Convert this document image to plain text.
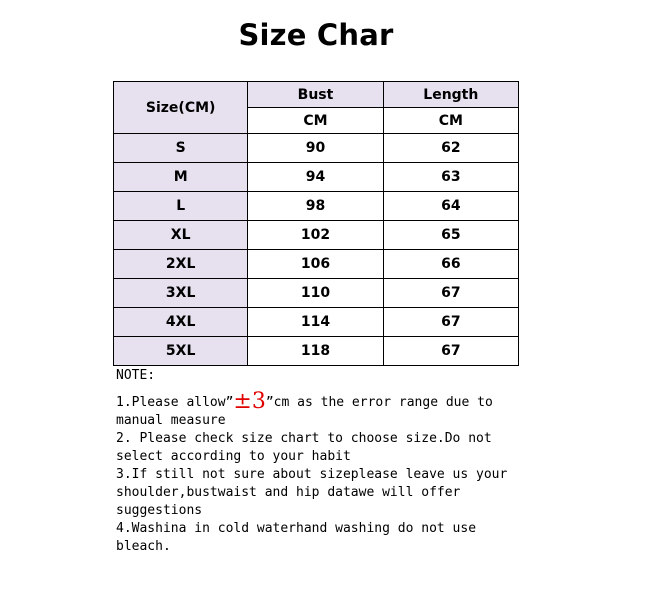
Size Char
Size(CM)	Bust	Length
	CM	CM
S	90	62
M	94	63
L	98	64
XL	102	65
2XL	106	66
3XL	110	67
4XL	114	67
5XL	118	67

NOTE:

1.Please allow”±3”cm as the error range due to manual measure

2. Please check size chart to choose size.Do not select according to your habit

3.If still not sure about sizeplease leave us your shoulder,bustwaist and hip datawe will offer suggestions

4.Washina in cold waterhand washing do not use bleach.
